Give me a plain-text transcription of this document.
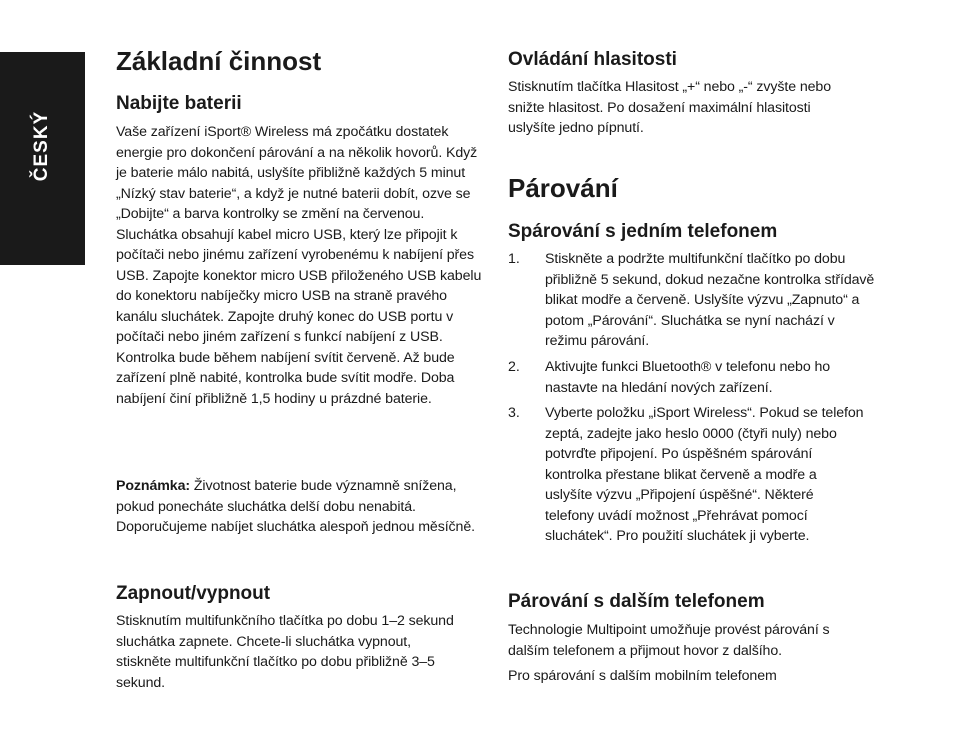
ČESKÝ
Základní činnost
Nabijte baterii

Vaše zařízení iSport® Wireless má zpočátku dostatek energie pro dokončení párování a na několik hovorů. Když je baterie málo nabitá, uslyšíte přibližně každých 5 minut „Nízký stav baterie“, a když je nutné baterii dobít, ozve se „Dobijte“ a barva kontrolky se změní na červenou. Sluchátka obsahují kabel micro USB, který lze připojit k počítači nebo jinému zařízení vyrobenému k nabíjení přes USB. Zapojte konektor micro USB přiloženého USB kabelu do konektoru nabíječky micro USB na straně pravého kanálu sluchátek. Zapojte druhý konec do USB portu v počítači nebo jiném zařízení s funkcí nabíjení z USB. Kontrolka bude během nabíjení svítit červeně. Až bude zařízení plně nabité, kontrolka bude svítit modře. Doba nabíjení činí přibližně 1,5 hodiny u prázdné baterie.

Poznámka: Životnost baterie bude významně snížena, pokud ponecháte sluchátka delší dobu nenabitá. Doporučujeme nabíjet sluchátka alespoň jednou měsíčně.

Zapnout/vypnout

Stisknutím multifunkčního tlačítka po dobu 1–2 sekund sluchátka zapnete. Chcete-li sluchátka vypnout, stiskněte multifunkční tlačítko po dobu přibližně 3–5 sekund.

Ovládání hlasitosti

Stisknutím tlačítka Hlasitost „+“ nebo „-“ zvyšte nebo snižte hlasitost. Po dosažení maximální hlasitosti uslyšíte jedno pípnutí.

Párování
Spárování s jedním telefonem
1. Stiskněte a podržte multifunkční tlačítko po dobu přibližně 5 sekund, dokud nezačne kontrolka střídavě blikat modře a červeně. Uslyšíte výzvu „Zapnuto“ a potom „Párování“. Sluchátka se nyní nachází v režimu párování.
2. Aktivujte funkci Bluetooth® v telefonu nebo ho nastavte na hledání nových zařízení.
3. Vyberte položku „iSport Wireless“. Pokud se telefon zeptá, zadejte jako heslo 0000 (čtyři nuly) nebo potvrďte připojení. Po úspěšném spárování kontrolka přestane blikat červeně a modře a uslyšíte výzvu „Připojení úspěšné“. Některé telefony uvádí možnost „Přehrávat pomocí sluchátek“. Pro použití sluchátek ji vyberte.
Párování s dalším telefonem

Technologie Multipoint umožňuje provést párování s dalším telefonem a přijmout hovor z dalšího.

Pro spárování s dalším mobilním telefonem
